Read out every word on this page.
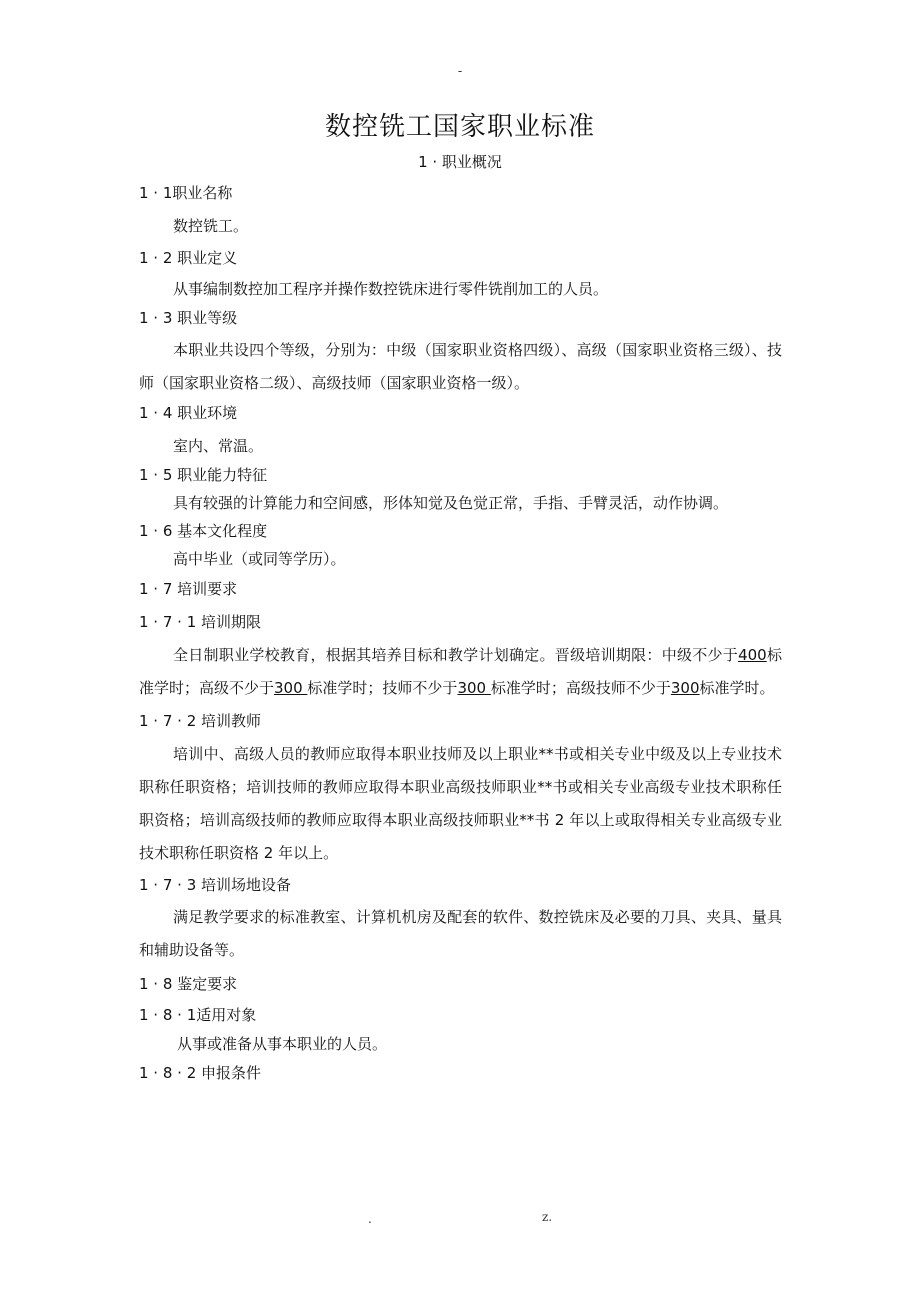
-
数控铣工国家职业标准
1 · 职业概况

1 · 1职业名称

数控铣工。

1 · 2 职业定义

从事编制数控加工程序并操作数控铣床进行零件铣削加工的人员。

1 · 3 职业等级

本职业共设四个等级，分别为：中级（国家职业资格四级）、高级（国家职业资格三级）、技师（国家职业资格二级）、高级技师（国家职业资格一级）。

1 · 4 职业环境

室内、常温。

1 · 5 职业能力特征

具有较强的计算能力和空间感，形体知觉及色觉正常，手指、手臂灵活，动作协调。

1 · 6 基本文化程度

高中毕业（或同等学历）。

1 · 7 培训要求

1 · 7 · 1 培训期限

全日制职业学校教育，根据其培养目标和教学计划确定。晋级培训期限：中级不少于400标准学时；高级不少于300 标准学时；技师不少于300 标准学时；高级技师不少于300标准学时。

1 · 7 · 2 培训教师

培训中、高级人员的教师应取得本职业技师及以上职业**书或相关专业中级及以上专业技术职称任职资格；培训技师的教师应取得本职业高级技师职业**书或相关专业高级专业技术职称任职资格；培训高级技师的教师应取得本职业高级技师职业**书 2 年以上或取得相关专业高级专业技术职称任职资格 2 年以上。

1 · 7 · 3 培训场地设备

满足教学要求的标准教室、计算机机房及配套的软件、数控铣床及必要的刀具、夹具、量具和辅助设备等。

1 · 8 鉴定要求

1 · 8 · 1适用对象

从事或准备从事本职业的人员。

1 · 8 · 2 申报条件

.	z.
